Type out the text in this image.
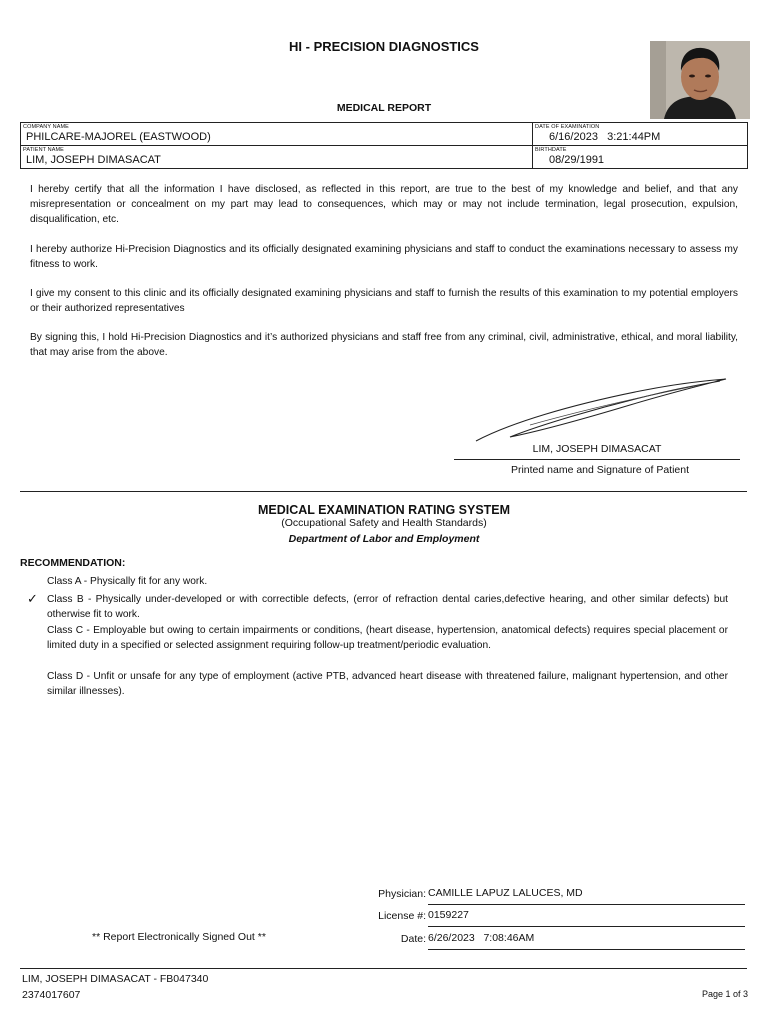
HI - PRECISION DIAGNOSTICS
MEDICAL REPORT
COMPANY NAME
PHILCARE-MAJOREL (EASTWOOD)
DATE OF EXAMINATION
6/16/2023   3:21:44PM
PATIENT NAME
LIM, JOSEPH DIMASACAT
BIRTHDATE
08/29/1991
I hereby certify that all the information I have disclosed, as reflected in this report, are true to the best of my knowledge and belief, and that any misrepresentation or concealment on my part may lead to consequences, which may or may not include termination, legal prosecution, expulsion, disqualification, etc.
I hereby authorize Hi-Precision Diagnostics and its officially designated examining physicians and staff to conduct the examinations necessary to assess my fitness to work.
I give my consent to this clinic and its officially designated examining physicians and staff to furnish the results of this examination to my potential employers or their authorized representatives
By signing this, I hold Hi-Precision Diagnostics and it’s authorized physicians and staff free from any criminal, civil, administrative, ethical, and moral liability, that may arise from the above.
LIM, JOSEPH DIMASACAT
Printed name and Signature of Patient
MEDICAL EXAMINATION RATING SYSTEM
(Occupational Safety and Health Standards)
Department of Labor and Employment
RECOMMENDATION:
Class A - Physically fit for any work.
✓ Class B - Physically under-developed or with correctible defects, (error of refraction dental caries,defective hearing, and other similar defects) but otherwise fit to work.
Class C - Employable but owing to certain impairments or conditions, (heart disease, hypertension, anatomical defects) requires special placement or limited duty in a specified or selected assignment requiring follow-up treatment/periodic evaluation.
Class D - Unfit or unsafe for any type of employment (active PTB, advanced heart disease with threatened failure, malignant hypertension, and other similar illnesses).
Physician: CAMILLE LAPUZ LALUCES, MD
License #: 0159227
** Report Electronically Signed Out **	Date: 6/26/2023   7:08:46AM
LIM, JOSEPH DIMASACAT - FB047340
2374017607	Page 1 of 3
